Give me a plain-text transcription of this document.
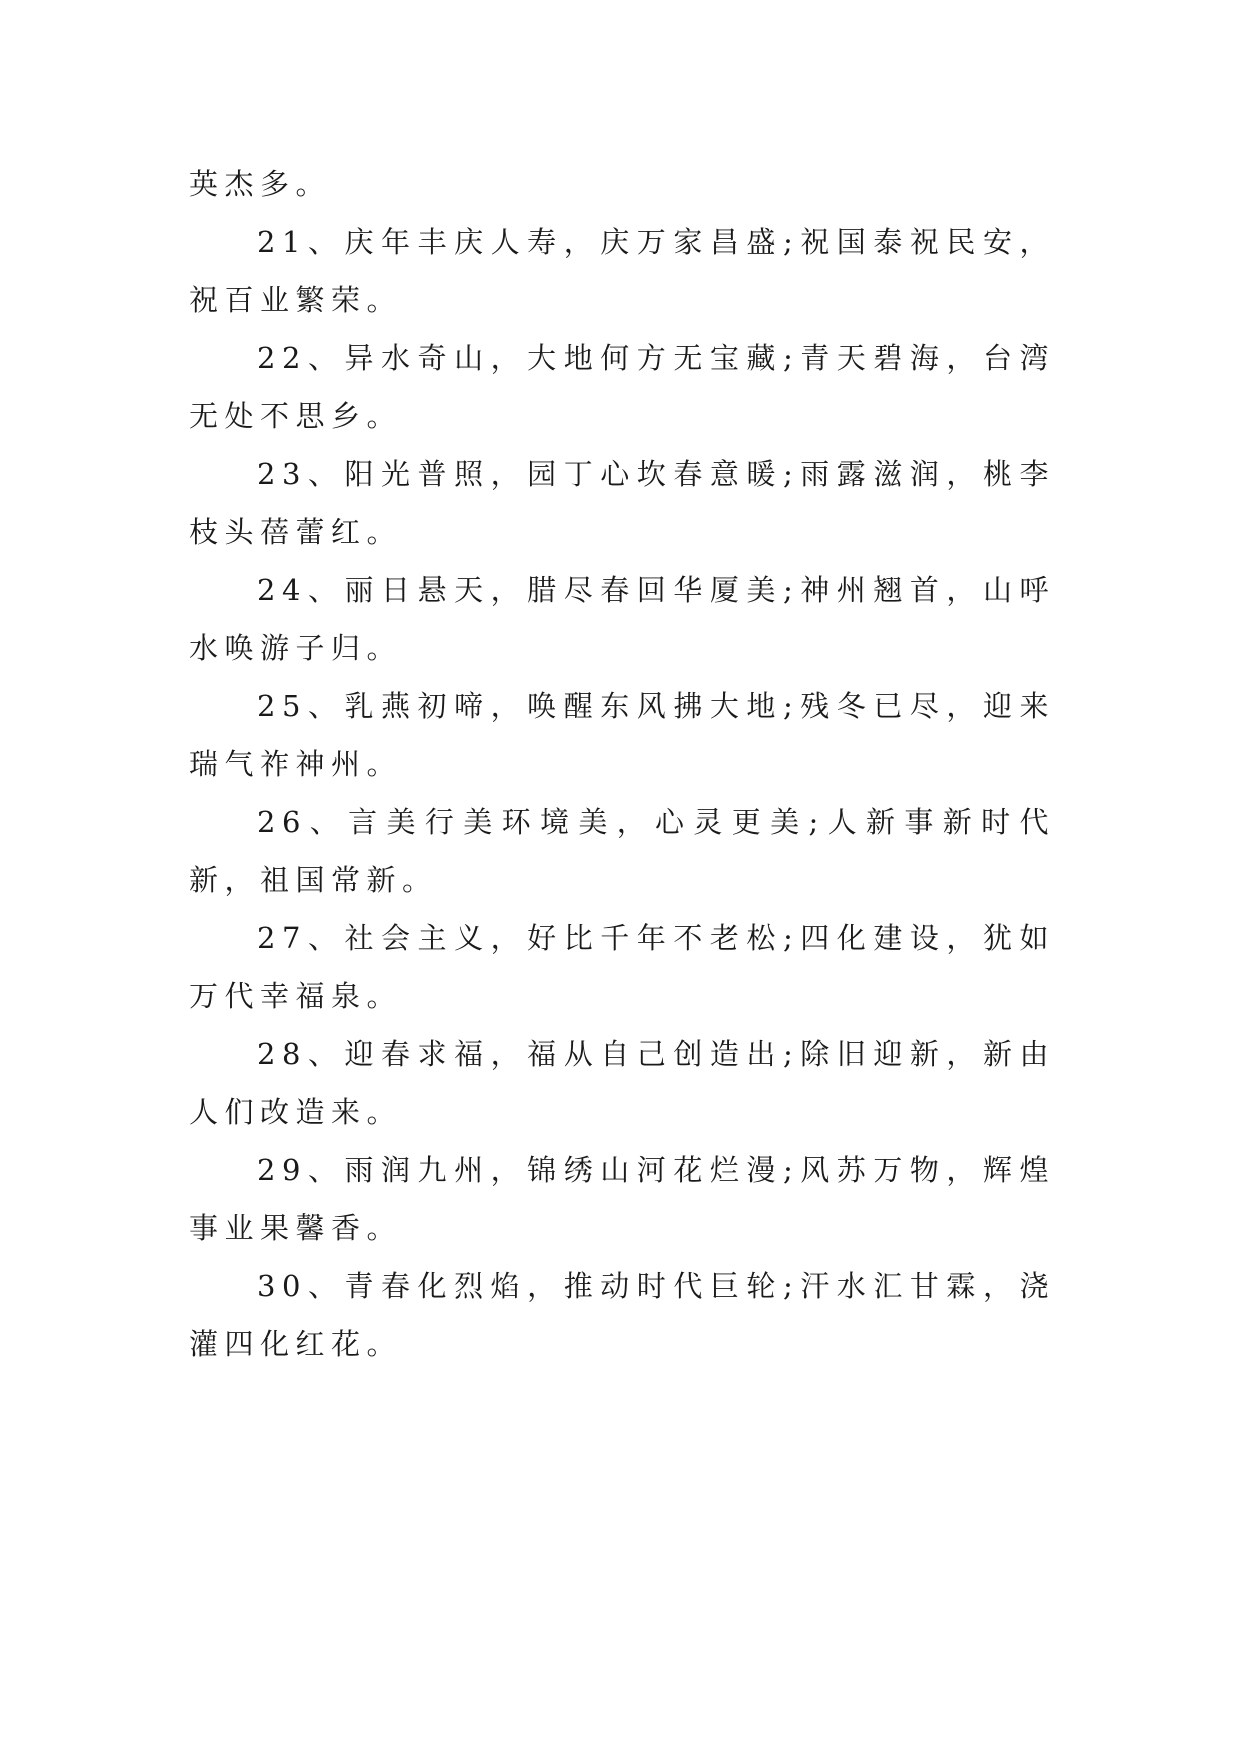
英杰多。

21、庆年丰庆人寿，庆万家昌盛;祝国泰祝民安，祝百业繁荣。

22、异水奇山，大地何方无宝藏;青天碧海，台湾无处不思乡。

23、阳光普照，园丁心坎春意暖;雨露滋润，桃李枝头蓓蕾红。

24、丽日悬天，腊尽春回华厦美;神州翘首，山呼水唤游子归。

25、乳燕初啼，唤醒东风拂大地;残冬已尽，迎来瑞气祚神州。

26、言美行美环境美，心灵更美;人新事新时代新，祖国常新。

27、社会主义，好比千年不老松;四化建设，犹如万代幸福泉。

28、迎春求福，福从自己创造出;除旧迎新，新由人们改造来。

29、雨润九州，锦绣山河花烂漫;风苏万物，辉煌事业果馨香。

30、青春化烈焰，推动时代巨轮;汗水汇甘霖，浇灌四化红花。
